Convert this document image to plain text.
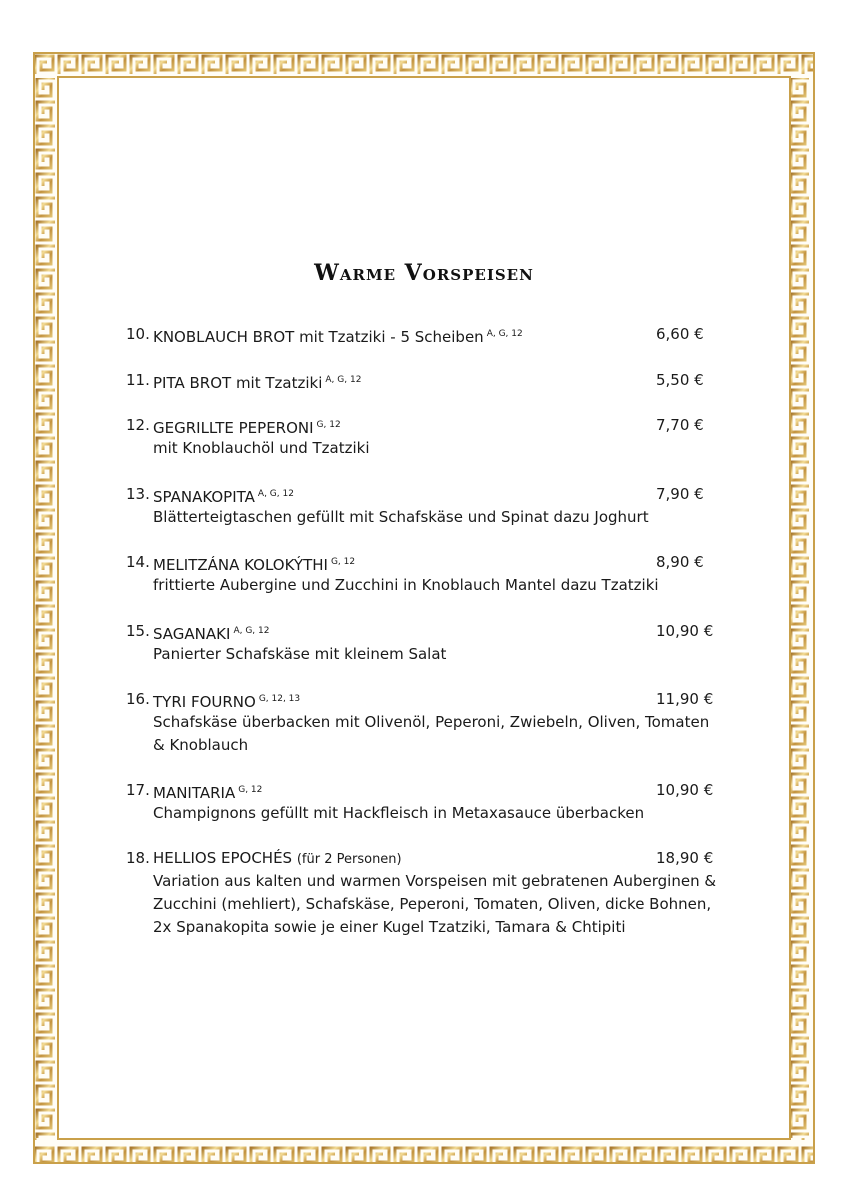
Warme Vorspeisen
10. KNOBLAUCH BROT mit Tzatziki - 5 Scheiben $^{A, G, 12}$	6,60 €
11. PITA BROT mit Tzatziki $^{A, G, 12}$	5,50 €
12. GEGRILLTE PEPERONI $^{G, 12}$	7,70 €
mit Knoblauchöl und Tzatziki
13. SPANAKOPITA $^{A, G, 12}$	7,90 €
Blätterteigtaschen gefüllt mit Schafskäse und Spinat dazu Joghurt
14. MELITZÁNA KOLOKÝTHI $^{G, 12}$	8,90 €
frittierte Aubergine und Zucchini in Knoblauch Mantel dazu Tzatziki
15. SAGANAKI $^{A, G, 12}$	10,90 €
Panierter Schafskäse mit kleinem Salat
16. TYRI FOURNO $^{G, 12, 13}$	11,90 €
Schafskäse überbacken mit Olivenöl, Peperoni, Zwiebeln, Oliven, Tomaten & Knoblauch
17. MANITARIA $^{G, 12}$	10,90 €
Champignons gefüllt mit Hackfleisch in Metaxasauce überbacken
18. HELLIOS EPOCHÉS (für 2 Personen)	18,90 €
Variation aus kalten und warmen Vorspeisen mit gebratenen Auberginen & Zucchini (mehliert), Schafskäse, Peperoni, Tomaten, Oliven, dicke Bohnen, 2x Spanakopita sowie je einer Kugel Tzatziki, Tamara & Chtipiti
